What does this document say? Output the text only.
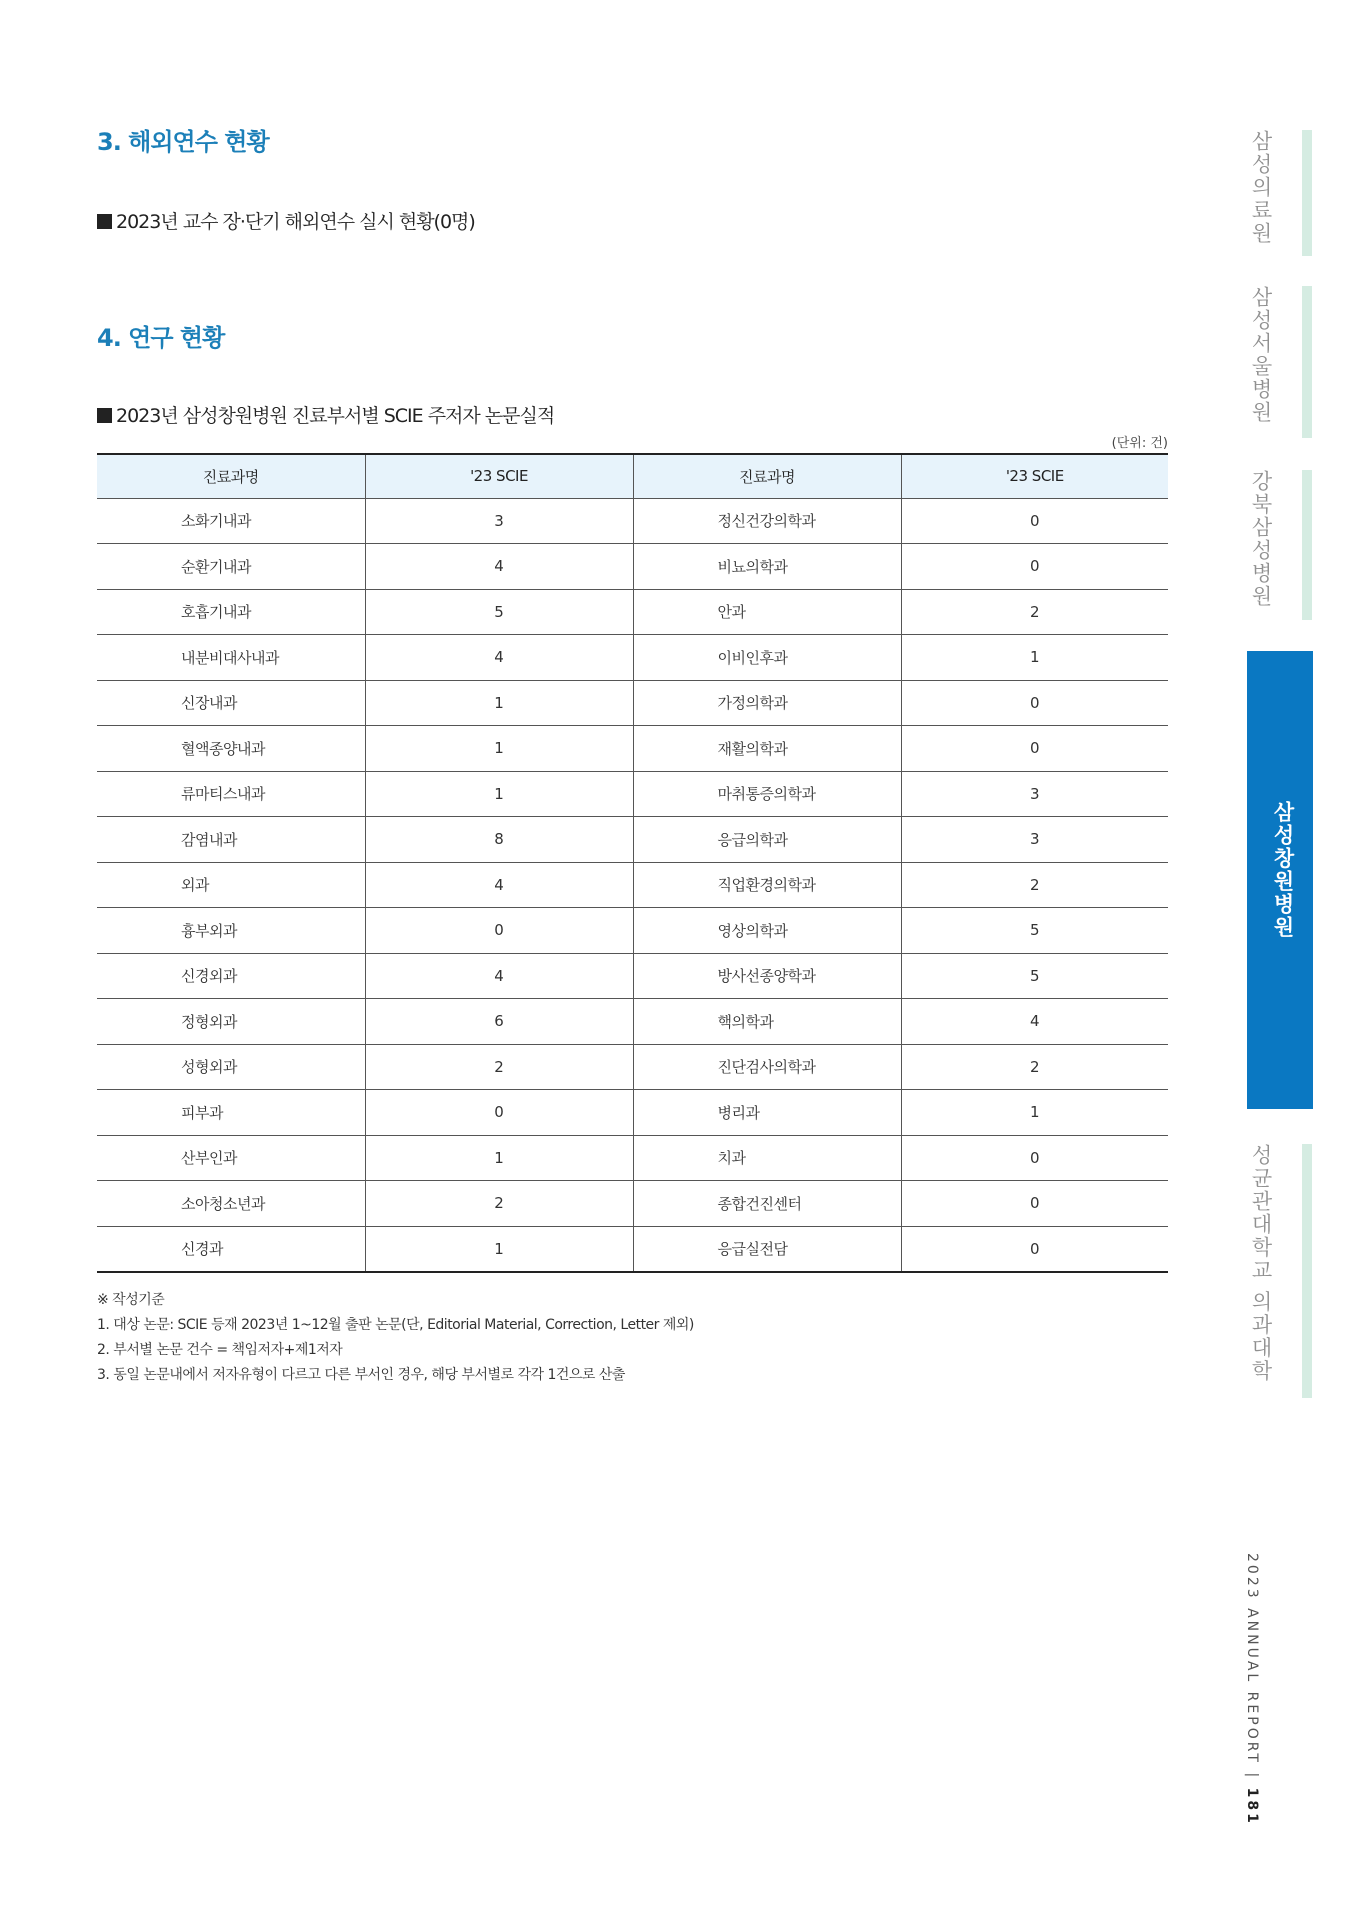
3. 해외연수 현황
2023년 교수 장·단기 해외연수 실시 현황(0명)
4. 연구 현황
2023년 삼성창원병원 진료부서별 SCIE 주저자 논문실적
(단위: 건)
진료과명	'23 SCIE	진료과명	'23 SCIE
소화기내과	3	정신건강의학과	0
순환기내과	4	비뇨의학과	0
호흡기내과	5	안과	2
내분비대사내과	4	이비인후과	1
신장내과	1	가정의학과	0
혈액종양내과	1	재활의학과	0
류마티스내과	1	마취통증의학과	3
감염내과	8	응급의학과	3
외과	4	직업환경의학과	2
흉부외과	0	영상의학과	5
신경외과	4	방사선종양학과	5
정형외과	6	핵의학과	4
성형외과	2	진단검사의학과	2
피부과	0	병리과	1
산부인과	1	치과	0
소아청소년과	2	종합건진센터	0
신경과	1	응급실전담	0
※ 작성기준
1. 대상 논문: SCIE 등재 2023년 1~12월 출판 논문(단, Editorial Material, Correction, Letter 제외)
2. 부서별 논문 건수 = 책임저자+제1저자
3. 동일 논문내에서 저자유형이 다르고 다른 부서인 경우, 해당 부서별로 각각 1건으로 산출
삼성의료원
삼성서울병원
강북삼성병원
삼성창원병원
성균관대학교 의과대학
2023 ANNUAL REPORT | 181
